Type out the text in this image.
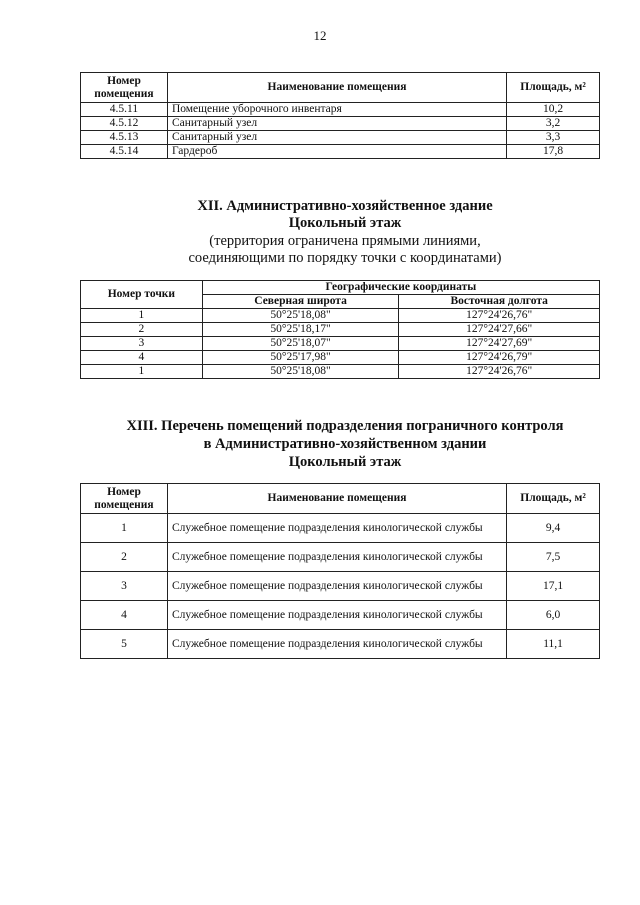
12
Номер помещения	Наименование помещения	Площадь, м²
4.5.11	Помещение уборочного инвентаря	10,2
4.5.12	Санитарный узел	3,2
4.5.13	Санитарный узел	3,3
4.5.14	Гардероб	17,8
XII. Административно-хозяйственное здание
Цокольный этаж
(территория ограничена прямыми линиями,
соединяющими по порядку точки с координатами)
Номер точки	Географические координаты	
	Северная широта	Восточная долгота
1	50°25'18,08"	127°24'26,76"
2	50°25'18,17"	127°24'27,66"
3	50°25'18,07"	127°24'27,69"
4	50°25'17,98"	127°24'26,79"
1	50°25'18,08"	127°24'26,76"
XIII. Перечень помещений подразделения пограничного контроля
в Административно-хозяйственном здании
Цокольный этаж
Номер помещения	Наименование помещения	Площадь, м²
1	Служебное помещение подразделения кинологической службы	9,4
2	Служебное помещение подразделения кинологической службы	7,5
3	Служебное помещение подразделения кинологической службы	17,1
4	Служебное помещение подразделения кинологической службы	6,0
5	Служебное помещение подразделения кинологической службы	11,1
